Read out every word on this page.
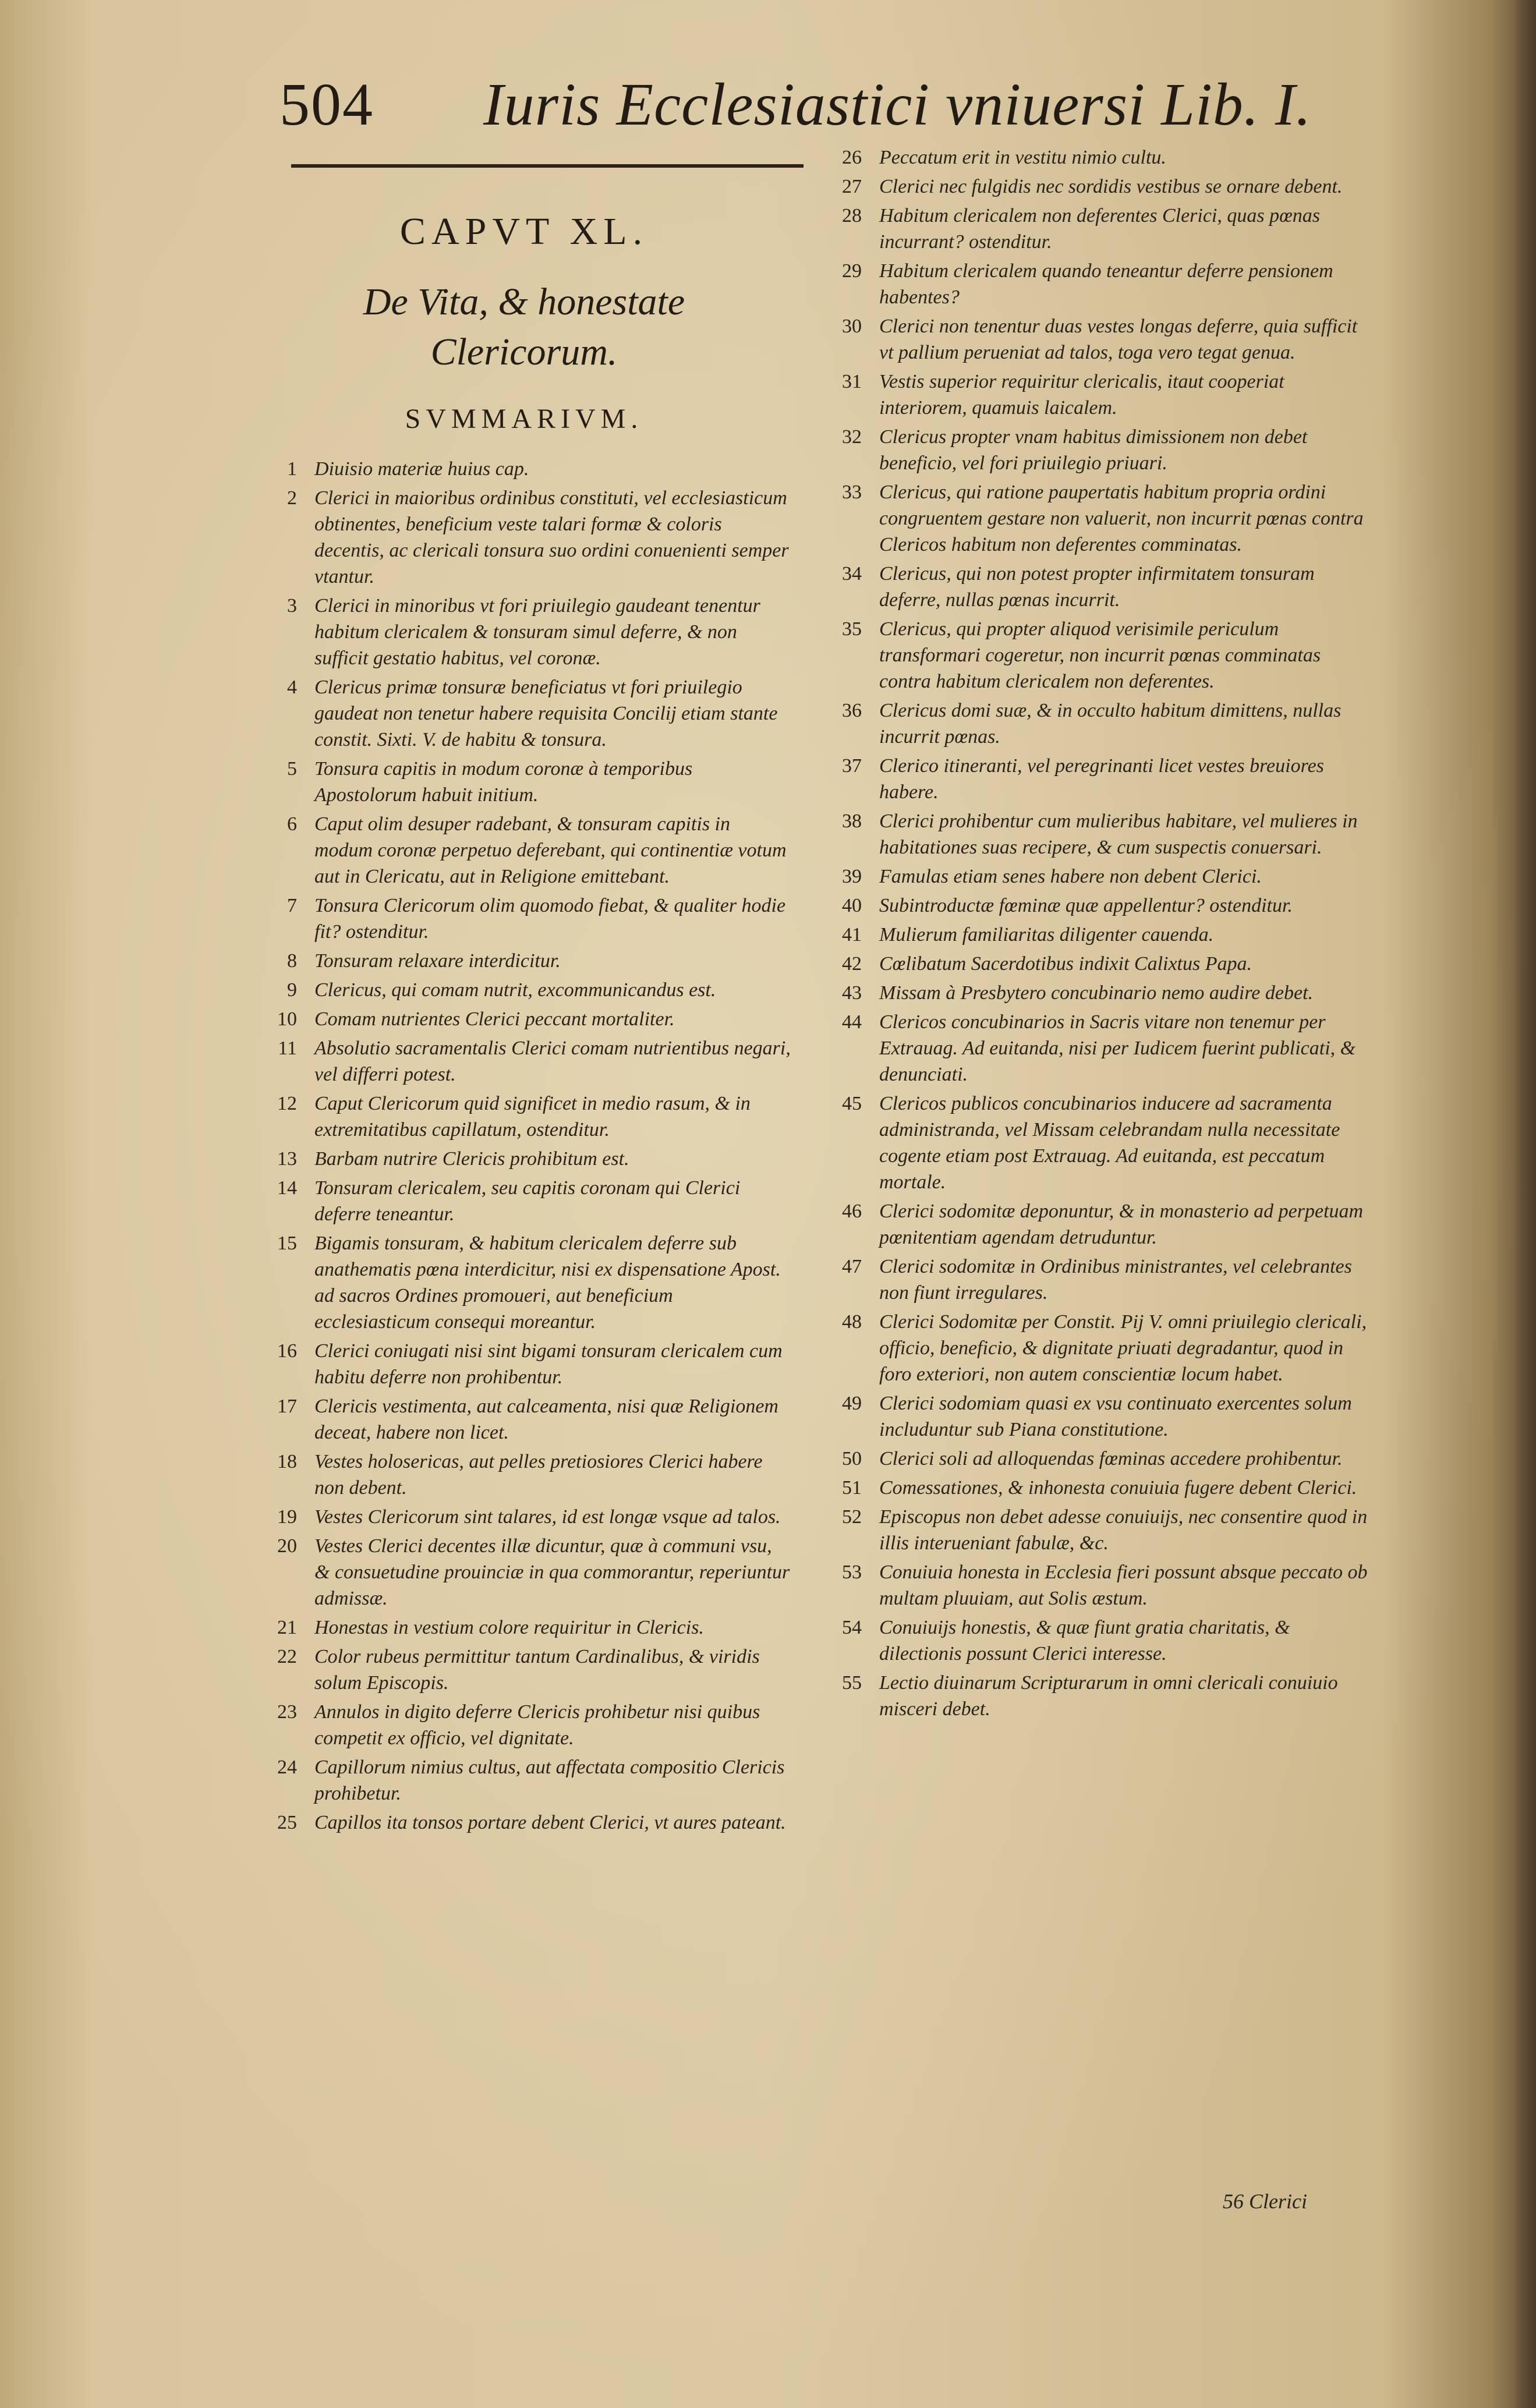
504 Iuris Ecclesiastici vniuersi Lib. I.
CAPVT XL.
De Vita, & honestate Clericorum.
SVMMARIVM.
1 Diuisio materiæ huius cap.
2 Clerici in maioribus ordinibus constituti, vel ecclesiasticum obtinentes, beneficium veste talari formæ & coloris decentis, ac clericali tonsura suo ordini conuenienti semper vtantur.
3 Clerici in minoribus vt fori priuilegio gaudeant tenentur habitum clericalem & tonsuram simul deferre, & non sufficit gestatio habitus, vel coronæ.
4 Clericus primæ tonsuræ beneficiatus vt fori priuilegio gaudeat non tenetur habere requisita Concilij etiam stante constit. Sixti. V. de habitu & tonsura.
5 Tonsura capitis in modum coronæ à temporibus Apostolorum habuit initium.
6 Caput olim desuper radebant, & tonsuram capitis in modum coronæ perpetuo deferebant, qui continentiæ votum aut in Clericatu, aut in Religione emittebant.
7 Tonsura Clericorum olim quomodo fiebat, & qualiter hodie fit? ostenditur.
8 Tonsuram relaxare interdicitur.
9 Clericus, qui comam nutrit, excommunicandus est.
10 Comam nutrientes Clerici peccant mortaliter.
11 Absolutio sacramentalis Clerici comam nutrientibus negari, vel differri potest.
12 Caput Clericorum quid significet in medio rasum, & in extremitatibus capillatum, ostenditur.
13 Barbam nutrire Clericis prohibitum est.
14 Tonsuram clericalem, seu capitis coronam qui Clerici deferre teneantur.
15 Bigamis tonsuram, & habitum clericalem deferre sub anathematis pœna interdicitur, nisi ex dispensatione Apost. ad sacros Ordines promoueri, aut beneficium ecclesiasticum consequi moreantur.
16 Clerici coniugati nisi sint bigami tonsuram clericalem cum habitu deferre non prohibentur.
17 Clericis vestimenta, aut calceamenta, nisi quæ Religionem deceat, habere non licet.
18 Vestes holosericas, aut pelles pretiosiores Clerici habere non debent.
19 Vestes Clericorum sint talares, id est longæ vsque ad talos.
20 Vestes Clerici decentes illæ dicuntur, quæ à communi vsu, & consuetudine prouinciæ in qua commorantur, reperiuntur admissæ.
21 Honestas in vestium colore requiritur in Clericis.
22 Color rubeus permittitur tantum Cardinalibus, & viridis solum Episcopis.
23 Annulos in digito deferre Clericis prohibetur nisi quibus competit ex officio, vel dignitate.
24 Capillorum nimius cultus, aut affectata compositio Clericis prohibetur.
25 Capillos ita tonsos portare debent Clerici, vt aures pateant.
26 Peccatum erit in vestitu nimio cultu.
27 Clerici nec fulgidis nec sordidis vestibus se ornare debent.
28 Habitum clericalem non deferentes Clerici, quas pœnas incurrant? ostenditur.
29 Habitum clericalem quando teneantur deferre pensionem habentes?
30 Clerici non tenentur duas vestes longas deferre, quia sufficit vt pallium perueniat ad talos, toga vero tegat genua.
31 Vestis superior requiritur clericalis, itaut cooperiat interiorem, quamuis laicalem.
32 Clericus propter vnam habitus dimissionem non debet beneficio, vel fori priuilegio priuari.
33 Clericus, qui ratione paupertatis habitum propria ordini congruentem gestare non valuerit, non incurrit pœnas contra Clericos habitum non deferentes comminatas.
34 Clericus, qui non potest propter infirmitatem tonsuram deferre, nullas pœnas incurrit.
35 Clericus, qui propter aliquod verisimile periculum transformari cogeretur, non incurrit pœnas comminatas contra habitum clericalem non deferentes.
36 Clericus domi suæ, & in occulto habitum dimittens, nullas incurrit pœnas.
37 Clerico itineranti, vel peregrinanti licet vestes breuiores habere.
38 Clerici prohibentur cum mulieribus habitare, vel mulieres in habitationes suas recipere, & cum suspectis conuersari.
39 Famulas etiam senes habere non debent Clerici.
40 Subintroductæ fœminæ quæ appellentur? ostenditur.
41 Mulierum familiaritas diligenter cauenda.
42 Cœlibatum Sacerdotibus indixit Calixtus Papa.
43 Missam à Presbytero concubinario nemo audire debet.
44 Clericos concubinarios in Sacris vitare non tenemur per Extrauag. Ad euitanda, nisi per Iudicem fuerint publicati, & denunciati.
45 Clericos publicos concubinarios inducere ad sacramenta administranda, vel Missam celebrandam nulla necessitate cogente etiam post Extrauag. Ad euitanda, est peccatum mortale.
46 Clerici sodomitæ deponuntur, & in monasterio ad perpetuam pœnitentiam agendam detruduntur.
47 Clerici sodomitæ in Ordinibus ministrantes, vel celebrantes non fiunt irregulares.
48 Clerici Sodomitæ per Constit. Pij V. omni priuilegio clericali, officio, beneficio, & dignitate priuati degradantur, quod in foro exteriori, non autem conscientiæ locum habet.
49 Clerici sodomiam quasi ex vsu continuato exercentes solum includuntur sub Piana constitutione.
50 Clerici soli ad alloquendas fœminas accedere prohibentur.
51 Comessationes, & inhonesta conuiuia fugere debent Clerici.
52 Episcopus non debet adesse conuiuijs, nec consentire quod in illis interueniant fabulæ, &c.
53 Conuiuia honesta in Ecclesia fieri possunt absque peccato ob multam pluuiam, aut Solis æstum.
54 Conuiuijs honestis, & quæ fiunt gratia charitatis, & dilectionis possunt Clerici interesse.
55 Lectio diuinarum Scripturarum in omni clericali conuiuio misceri debet.
56 Clerici
